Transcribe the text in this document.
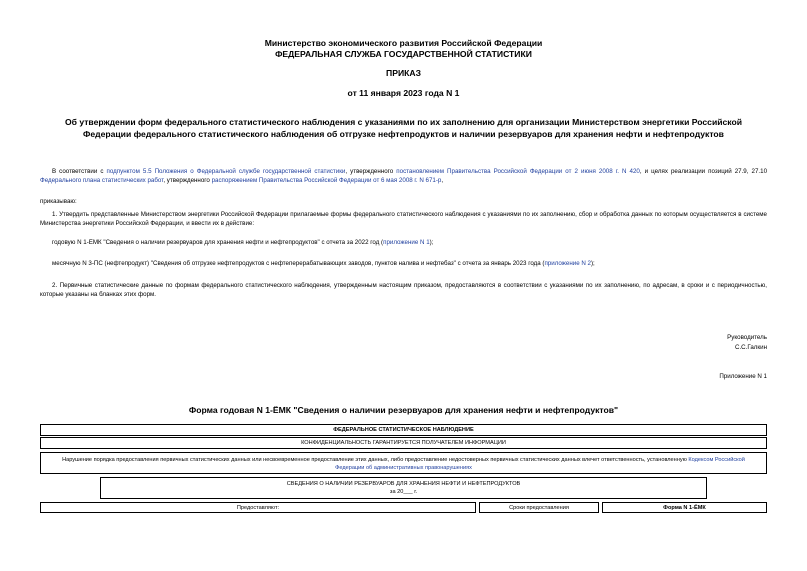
Министерство экономического развития Российской Федерации
ФЕДЕРАЛЬНАЯ СЛУЖБА ГОСУДАРСТВЕННОЙ СТАТИСТИКИ
ПРИКАЗ
от 11 января 2023 года N 1
Об утверждении форм федерального статистического наблюдения с указаниями по их заполнению для организации Министерством энергетики Российской Федерации федерального статистического наблюдения об отгрузке нефтепродуктов и наличии резервуаров для хранения нефти и нефтепродуктов
В соответствии с подпунктом 5.5 Положения о Федеральной службе государственной статистики, утвержденного постановлением Правительства Российской Федерации от 2 июня 2008 г. N 420, и целях реализации позиций 27.9, 27.10 Федерального плана статистических работ, утвержденного распоряжением Правительства Российской Федерации от 6 мая 2008 г. N 671-р,
приказываю:
1. Утвердить представленные Министерством энергетики Российской Федерации прилагаемые формы федерального статистического наблюдения с указаниями по их заполнению, сбор и обработка данных по которым осуществляется в системе Министерства энергетики Российской Федерации, и ввести их в действие:
годовую N 1-ЕМК "Сведения о наличии резервуаров для хранения нефти и нефтепродуктов" с отчета за 2022 год (приложение N 1);
месячную N 3-ПС (нефтепродукт) "Сведения об отгрузке нефтепродуктов с нефтеперерабатывающих заводов, пунктов налива и нефтебаз" с отчета за январь 2023 года (приложение N 2);
2. Первичные статистические данные по формам федерального статистического наблюдения, утвержденным настоящим приказом, предоставляются в соответствии с указаниями по их заполнению, по адресам, в сроки и с периодичностью, которые указаны на бланках этих форм.
Руководитель
С.С.Галкин
Приложение N 1
Форма годовая N 1-ЁМК "Сведения о наличии резервуаров для хранения нефти и нефтепродуктов"
ФЕДЕРАЛЬНОЕ СТАТИСТИЧЕСКОЕ НАБЛЮДЕНИЕ
КОНФИДЕНЦИАЛЬНОСТЬ ГАРАНТИРУЕТСЯ ПОЛУЧАТЕЛЕМ ИНФОРМАЦИИ
Нарушение порядка предоставления первичных статистических данных или несвоевременное предоставление этих данных, либо предоставление недостоверных первичных статистических данных влечет ответственность, установленную Кодексом Российской Федерации об административных правонарушениях
СВЕДЕНИЯ О НАЛИЧИИ РЕЗЕРВУАРОВ ДЛЯ ХРАНЕНИЯ НЕФТИ И НЕФТЕПРОДУКТОВ
за 20___ г.
Предоставляют:	Сроки предоставления	Форма N 1-ЁМК
